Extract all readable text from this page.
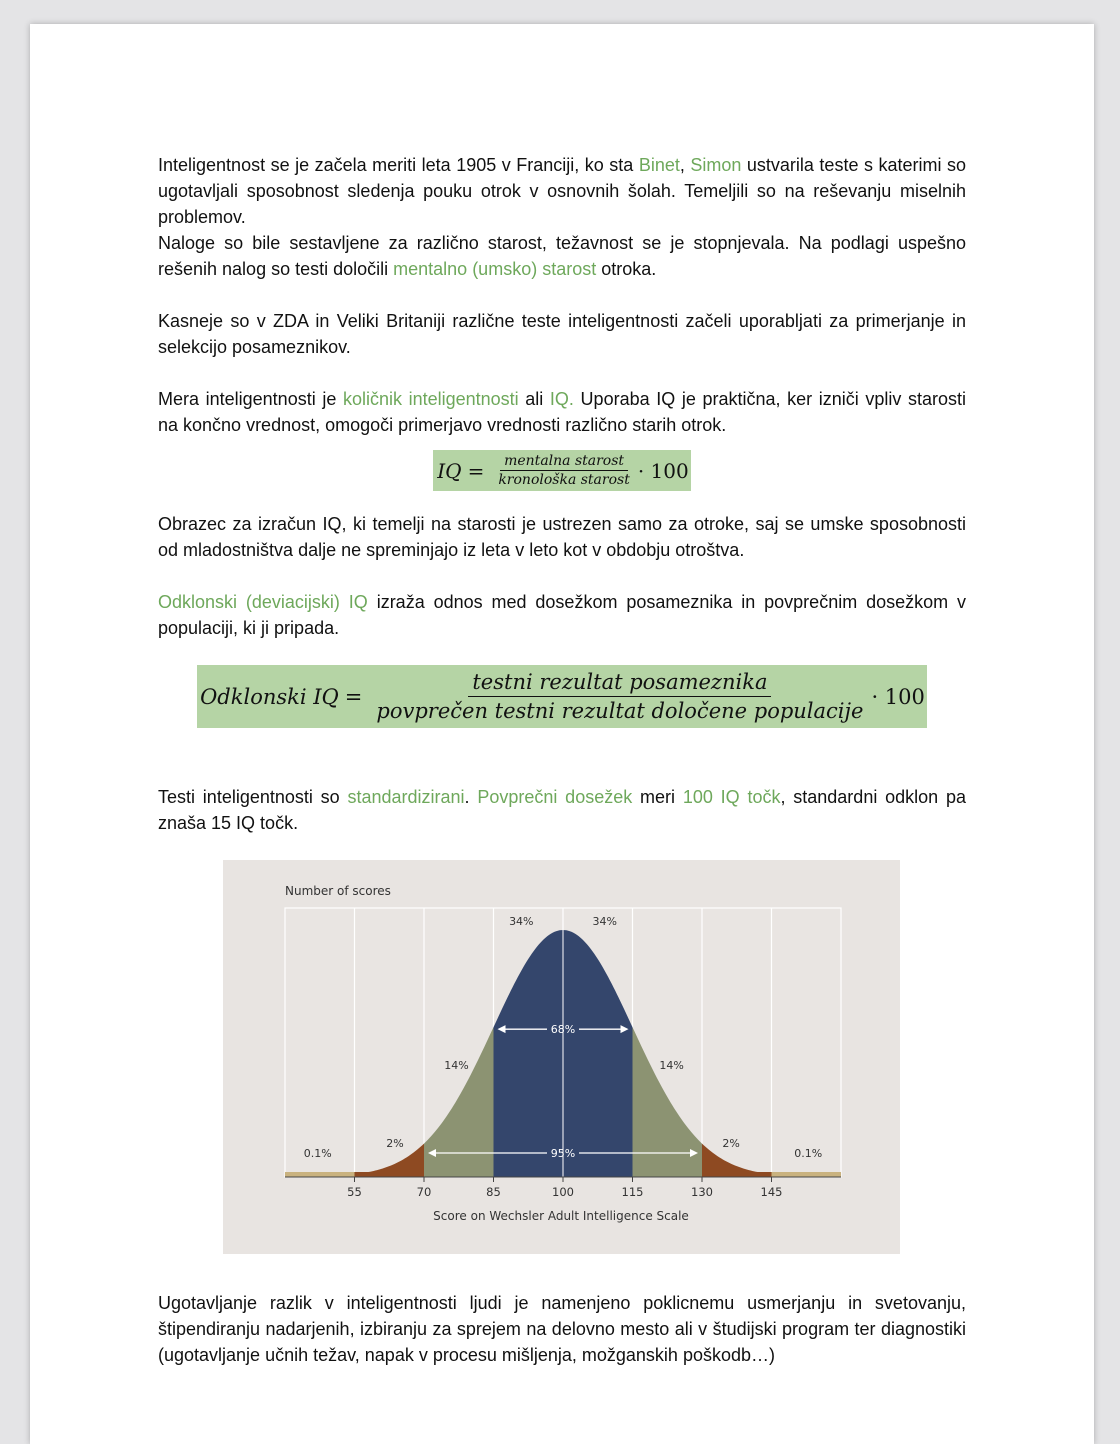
Inteligentnost se je začela meriti leta 1905 v Franciji, ko sta Binet, Simon ustvarila teste s katerimi so ugotavljali sposobnost sledenja pouku otrok v osnovnih šolah. Temeljili so na reševanju miselnih problemov.

Naloge so bile sestavljene za različno starost, težavnost se je stopnjevala. Na podlagi uspešno rešenih nalog so testi določili mentalno (umsko) starost otroka.

Kasneje so v ZDA in Veliki Britaniji različne teste inteligentnosti začeli uporabljati za primerjanje in selekcijo posameznikov.

Mera inteligentnosti je količnik inteligentnosti ali IQ. Uporaba IQ je praktična, ker izniči vpliv starosti na končno vrednost, omogoči primerjavo vrednosti različno starih otrok.

IQ = $\frac{\text{mentalna starost}}{\text{kronološka starost}} \cdot 100$

Obrazec za izračun IQ, ki temelji na starosti je ustrezen samo za otroke, saj se umske sposobnosti od mladostništva dalje ne spreminjajo iz leta v leto kot v obdobju otroštva.

Odklonski (deviacijski) IQ izraža odnos med dosežkom posameznika in povprečnim dosežkom v populaciji, ki ji pripada.

Odklonski IQ = $\frac{\text{testni rezultat posameznika}}{\text{povprečen testni rezultat določene populacije}} \cdot 100$

Testi inteligentnosti so standardizirani. Povprečni dosežek meri 100 IQ točk, standardni odklon pa znaša 15 IQ točk.

68%
95%
0.1%
2%
14%
34%	34%
14%
2%
0.1%
55	70	85	100	115	130	145
Number of scores
Score on Wechsler Adult Intelligence Scale

Ugotavljanje razlik v inteligentnosti ljudi je namenjeno poklicnemu usmerjanju in svetovanju, štipendiranju nadarjenih, izbiranju za sprejem na delovno mesto ali v študijski program ter diagnostiki (ugotavljanje učnih težav, napak v procesu mišljenja, možganskih poškodb…)
